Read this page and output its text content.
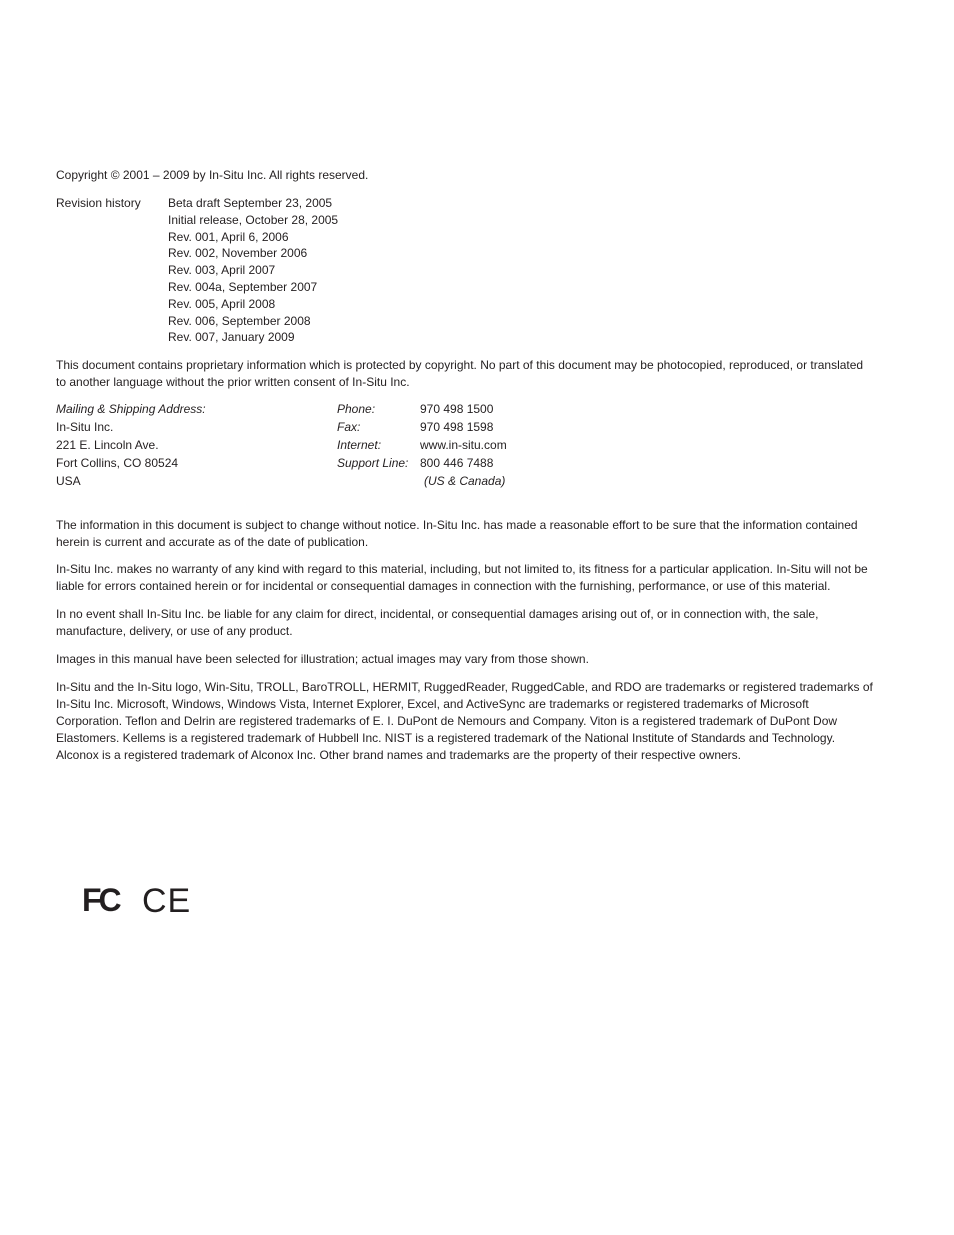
Copyright © 2001 – 2009 by In-Situ Inc. All rights reserved.
Revision history Beta draft September 23, 2005
Initial release, October 28, 2005
Rev. 001, April 6, 2006
Rev. 002, November 2006
Rev. 003, April 2007
Rev. 004a, September 2007
Rev. 005, April 2008
Rev. 006, September 2008
Rev. 007, January 2009
This document contains proprietary information which is protected by copyright. No part of this document may be photocopied, reproduced, or translated to another language without the prior written consent of In-Situ Inc.
Mailing & Shipping Address:
In-Situ Inc.
221 E. Lincoln Ave.
Fort Collins, CO 80524
USA
Phone:	970 498 1500
Fax:	970 498 1598
Internet:	www.in-situ.com
Support Line: 800 446 7488
(US & Canada)
The information in this document is subject to change without notice. In-Situ Inc. has made a reasonable effort to be sure that the information contained herein is current and accurate as of the date of publication.
In-Situ Inc. makes no warranty of any kind with regard to this material, including, but not limited to, its fitness for a particular application. In-Situ will not be liable for errors contained herein or for incidental or consequential damages in connection with the furnishing, performance, or use of this material.
In no event shall In-Situ Inc. be liable for any claim for direct, incidental, or consequential damages arising out of, or in connection with, the sale, manufacture, delivery, or use of any product.
Images in this manual have been selected for illustration; actual images may vary from those shown.
In-Situ and the In-Situ logo, Win-Situ, TROLL, BaroTROLL, HERMIT, RuggedReader, RuggedCable, and RDO are trademarks or registered trademarks of In-Situ Inc. Microsoft, Windows, Windows Vista, Internet Explorer, Excel, and ActiveSync are trademarks or registered trademarks of Microsoft Corporation. Teflon and Delrin are registered trademarks of E. I. DuPont de Nemours and Company. Viton is a registered trademark of DuPont Dow Elastomers. Kellems is a registered trademark of Hubbell Inc. NIST is a registered trademark of the National Institute of Standards and Technology. Alconox is a registered trademark of Alconox Inc. Other brand names and trademarks are the property of their respective owners.
FC CE
